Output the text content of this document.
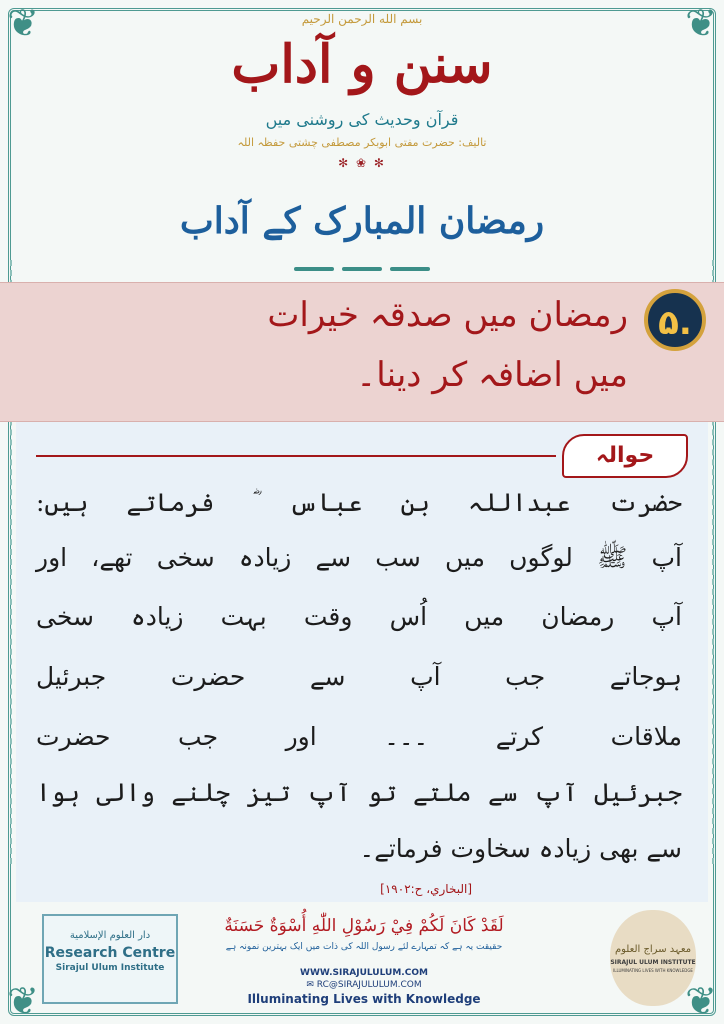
❦	❦
❦	❦
بسم الله الرحمن الرحيم
سنن و آداب
قرآن وحدیث کی روشنی میں
تالیف: حضرت مفتی ابوبکر مصطفی چشتی حفظہ اللہ
✻ ❀ ✻
رمضان المبارک کے آداب
۵.
رمضان میں صدقہ خیرات
میں اضافہ کر دینا۔
حوالہ
حضرت عبداللہ بن عباس ؓ فرماتے ہیں:
آپ ﷺ لوگوں میں سب سے زیادہ سخی تھے، اور
آپ رمضان میں اُس وقت بہت زیادہ سخی
ہوجاتے جب آپ سے حضرت جبرئیل
ملاقات کرتے ۔۔۔ اور جب حضرت
جبرئیل آپ سے ملتے تو آپ تیز چلنے والی ہوا
سے بھی زیادہ سخاوت فرماتے۔
[البخاري، ح:١٩٠٢]
دار العلوم الإسلامية
Research Centre
Sirajul Ulum Institute
لَقَدْ كَانَ لَكُمْ فِيْ رَسُوْلِ اللّٰهِ أُسْوَةٌ حَسَنَةٌ
حقیقت یہ ہے کہ تمہارے لئے رسول اللہ کی ذات میں ایک بہترین نمونہ ہے
WWW.SIRAJULULUM.COM
✉ RC@SIRAJULULUM.COM
Illuminating Lives with Knowledge
معہد سراج العلوم
SIRAJUL ULUM INSTITUTE
ILLUMINATING LIVES WITH KNOWLEDGE
